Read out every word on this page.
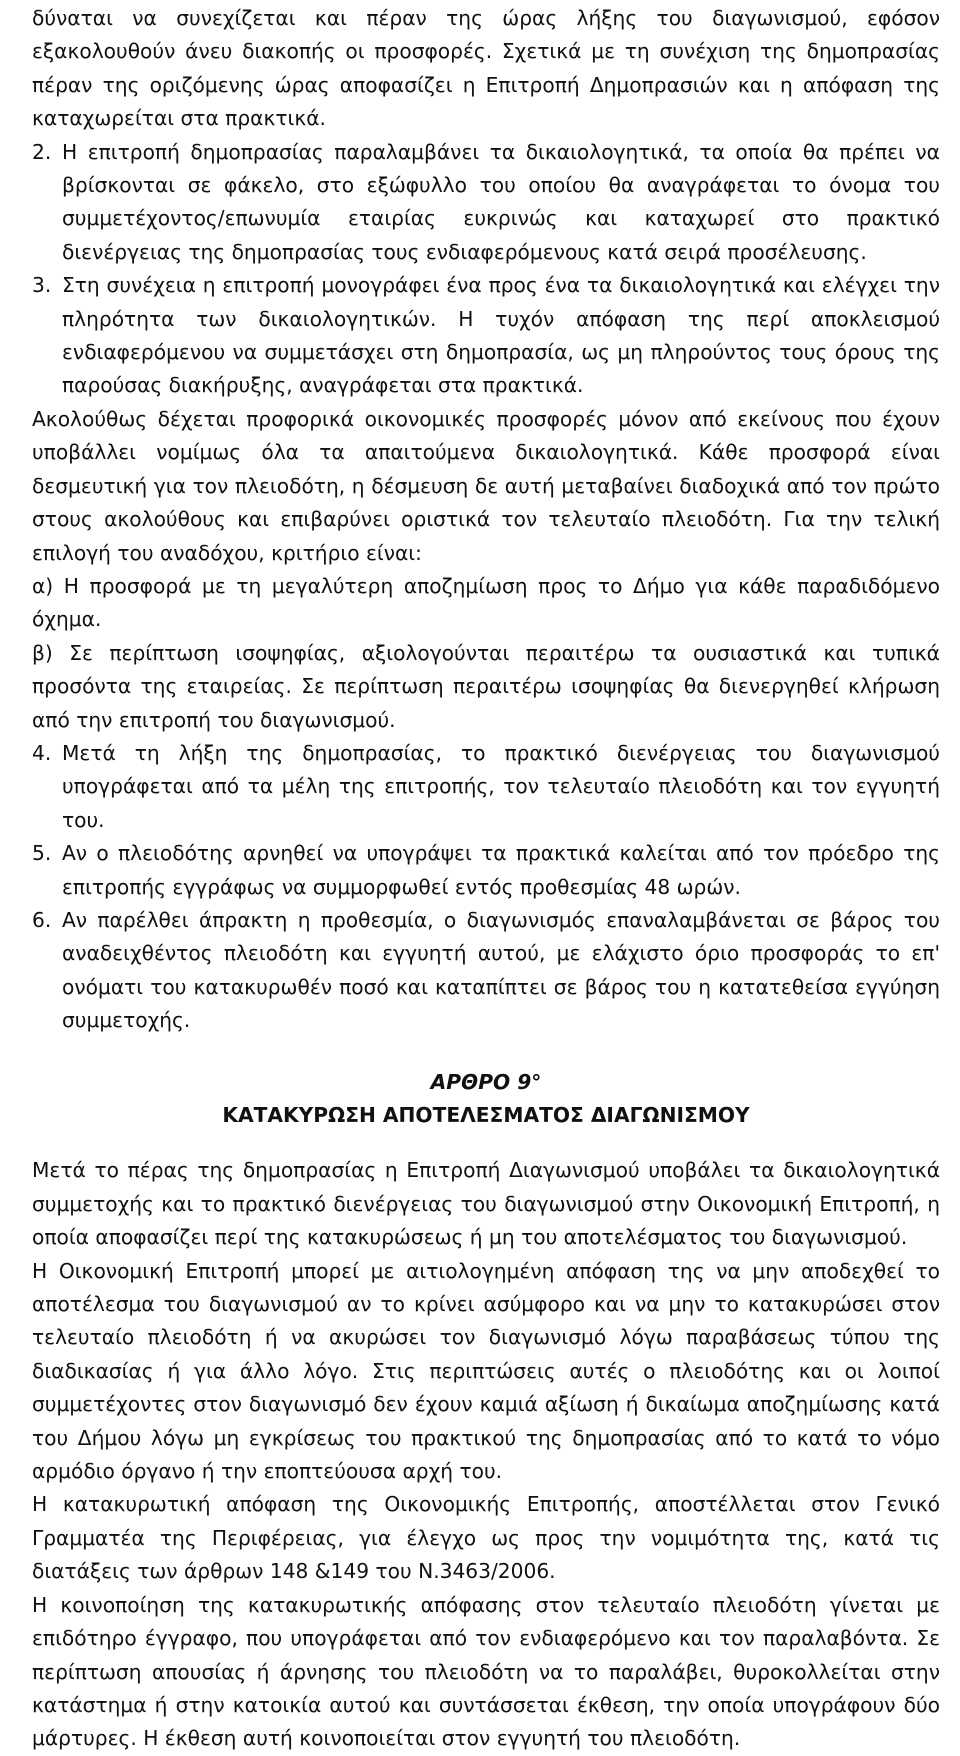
δύναται να συνεχίζεται και πέραν της ώρας λήξης του διαγωνισμού, εφόσον εξακολουθούν άνευ διακοπής οι προσφορές. Σχετικά με τη συνέχιση της δημοπρασίας πέραν της οριζόμενης ώρας αποφασίζει η Επιτροπή Δημοπρασιών και η απόφαση της καταχωρείται στα πρακτικά.

2. Η επιτροπή δημοπρασίας παραλαμβάνει τα δικαιολογητικά, τα οποία θα πρέπει να βρίσκονται σε φάκελο, στο εξώφυλλο του οποίου θα αναγράφεται το όνομα του συμμετέχοντος/επωνυμία εταιρίας ευκρινώς και καταχωρεί στο πρακτικό διενέργειας της δημοπρασίας τους ενδιαφερόμενους κατά σειρά προσέλευσης.
3. Στη συνέχεια η επιτροπή μονογράφει ένα προς ένα τα δικαιολογητικά και ελέγχει την πληρότητα των δικαιολογητικών. Η τυχόν απόφαση της περί αποκλεισμού ενδιαφερόμενου να συμμετάσχει στη δημοπρασία, ως μη πληρούντος τους όρους της παρούσας διακήρυξης, αναγράφεται στα πρακτικά.

Ακολούθως δέχεται προφορικά οικονομικές προσφορές μόνον από εκείνους που έχουν υποβάλλει νομίμως όλα τα απαιτούμενα δικαιολογητικά. Κάθε προσφορά είναι δεσμευτική για τον πλειοδότη, η δέσμευση δε αυτή μεταβαίνει διαδοχικά από τον πρώτο στους ακολούθους και επιβαρύνει οριστικά τον τελευταίο πλειοδότη. Για την τελική επιλογή του αναδόχου, κριτήριο είναι:

α) Η προσφορά με τη μεγαλύτερη αποζημίωση προς το Δήμο για κάθε παραδιδόμενο όχημα.

β) Σε περίπτωση ισοψηφίας, αξιολογούνται περαιτέρω τα ουσιαστικά και τυπικά προσόντα της εταιρείας. Σε περίπτωση περαιτέρω ισοψηφίας θα διενεργηθεί κλήρωση από την επιτροπή του διαγωνισμού.

4. Μετά τη λήξη της δημοπρασίας, το πρακτικό διενέργειας του διαγωνισμού υπογράφεται από τα μέλη της επιτροπής, τον τελευταίο πλειοδότη και τον εγγυητή του.
5. Αν ο πλειοδότης αρνηθεί να υπογράψει τα πρακτικά καλείται από τον πρόεδρο της επιτροπής εγγράφως να συμμορφωθεί εντός προθεσμίας 48 ωρών.
6. Αν παρέλθει άπρακτη η προθεσμία, ο διαγωνισμός επαναλαμβάνεται σε βάρος του αναδειχθέντος πλειοδότη και εγγυητή αυτού, με ελάχιστο όριο προσφοράς το επ' ονόματι του κατακυρωθέν ποσό και καταπίπτει σε βάρος του η κατατεθείσα εγγύηση συμμετοχής.

ΑΡΘΡΟ 9°

ΚΑΤΑΚΥΡΩΣΗ ΑΠΟΤΕΛΕΣΜΑΤΟΣ ΔΙΑΓΩΝΙΣΜΟΥ

Μετά το πέρας της δημοπρασίας η Επιτροπή Διαγωνισμού υποβάλει τα δικαιολογητικά συμμετοχής και το πρακτικό διενέργειας του διαγωνισμού στην Οικονομική Επιτροπή, η οποία αποφασίζει περί της κατακυρώσεως ή μη του αποτελέσματος του διαγωνισμού.

Η Οικονομική Επιτροπή μπορεί με αιτιολογημένη απόφαση της να μην αποδεχθεί το αποτέλεσμα του διαγωνισμού αν το κρίνει ασύμφορο και να μην το κατακυρώσει στον τελευταίο πλειοδότη ή να ακυρώσει τον διαγωνισμό λόγω παραβάσεως τύπου της διαδικασίας ή για άλλο λόγο. Στις περιπτώσεις αυτές ο πλειοδότης και οι λοιποί συμμετέχοντες στον διαγωνισμό δεν έχουν καμιά αξίωση ή δικαίωμα αποζημίωσης κατά του Δήμου λόγω μη εγκρίσεως του πρακτικού της δημοπρασίας από το κατά το νόμο αρμόδιο όργανο ή την εποπτεύουσα αρχή του.

Η κατακυρωτική απόφαση της Οικονομικής Επιτροπής, αποστέλλεται στον Γενικό Γραμματέα της Περιφέρειας, για έλεγχο ως προς την νομιμότητα της, κατά τις διατάξεις των άρθρων 148 &149 του Ν.3463/2006.

Η κοινοποίηση της κατακυρωτικής απόφασης στον τελευταίο πλειοδότη γίνεται με επιδότηρο έγγραφο, που υπογράφεται από τον ενδιαφερόμενο και τον παραλαβόντα. Σε περίπτωση απουσίας ή άρνησης του πλειοδότη να το παραλάβει, θυροκολλείται στην κατάστημα ή στην κατοικία αυτού και συντάσσεται έκθεση, την οποία υπογράφουν δύο μάρτυρες. Η έκθεση αυτή κοινοποιείται στον εγγυητή του πλειοδότη.
